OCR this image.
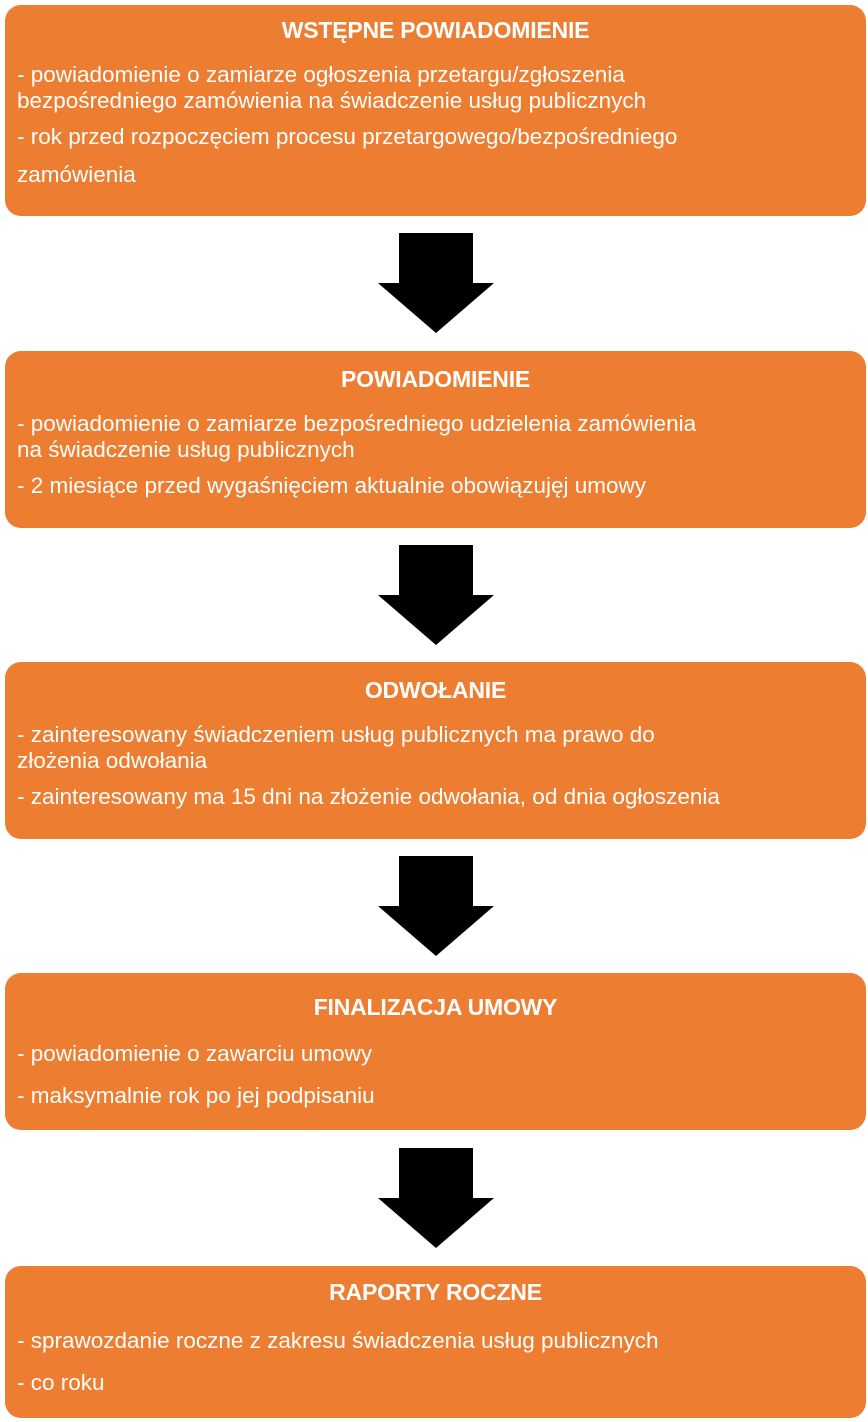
WSTĘPNE POWIADOMIENIE
- powiadomienie o zamiarze ogłoszenia przetargu/zgłoszenia
bezpośredniego zamówienia na świadczenie usług publicznych
- rok przed rozpoczęciem procesu przetargowego/bezpośredniego
zamówienia
POWIADOMIENIE
- powiadomienie o zamiarze bezpośredniego udzielenia zamówienia
na świadczenie usług publicznych
- 2 miesiące przed wygaśnięciem aktualnie obowiązujęj umowy
ODWOŁANIE
- zainteresowany świadczeniem usług publicznych ma prawo do
złożenia odwołania
- zainteresowany ma 15 dni na złożenie odwołania, od dnia ogłoszenia
FINALIZACJA UMOWY
- powiadomienie o zawarciu umowy
- maksymalnie rok po jej podpisaniu
RAPORTY ROCZNE
- sprawozdanie roczne z zakresu świadczenia usług publicznych
- co roku
